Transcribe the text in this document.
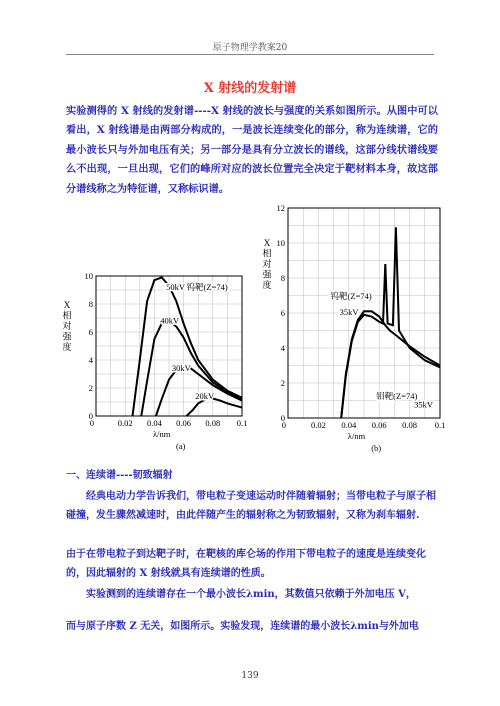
原子物理学教案20
X 射线的发射谱
实验测得的 X 射线的发射谱----X 射线的波长与强度的关系如图所示。从图中可以看出，X 射线谱是由两部分构成的，一是波长连续变化的部分，称为连续谱，它的最小波长只与外加电压有关；另一部分是具有分立波长的谱线，这部分线状谱线要么不出现，一旦出现，它们的峰所对应的波长位置完全决定于靶材料本身，故这部分谱线称之为特征谱，又称标识谱。
0
2
4
6
8
10
0	0.02 0.04 0.06 0.08 0.1
λ/nm
(a)
X
相
对
强
度
50kV
40kV
30kV
20kV
钨靶(Z=74)
0
2
4
6
8
10
12
0	0.02 0.04 0.06 0.08 0.1
λ/nm
(b)
X
相
对
强
度
钨靶(Z=74)
35kV
钼靶(Z=74)
35kV
一、连续谱----韧致辐射
经典电动力学告诉我们，带电粒子变速运动时伴随着辐射；当带电粒子与原子相碰撞，发生骤然减速时，由此伴随产生的辐射称之为韧致辐射，又称为刹车辐射.
由于在带电粒子到达靶子时，在靶核的库仑场的作用下带电粒子的速度是连续变化的，因此辐射的 X 射线就具有连续谱的性质。
实验测到的连续谱存在一个最小波长λmin，其数值只依赖于外加电压 V，
而与原子序数 Z 无关，如图所示。实验发现，连续谱的最小波长λmin与外加电
139
